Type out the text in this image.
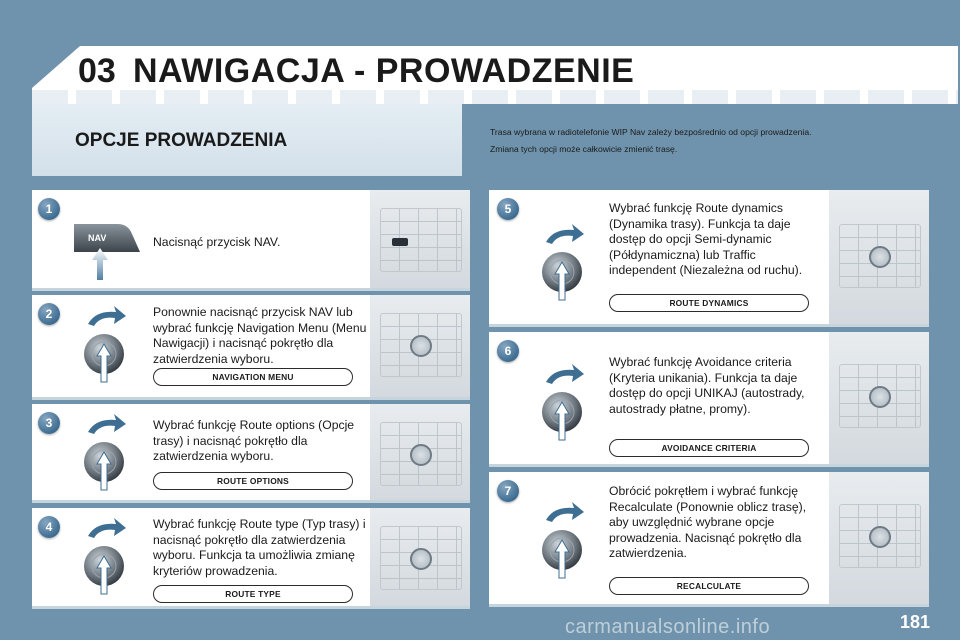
03 NAWIGACJA - PROWADZENIE
OPCJE PROWADZENIA	Trasa wybrana w radiotelefonie WIP Nav zależy bezpośrednio od opcji prowadzenia.

Zmiana tych opcji może całkowicie zmienić trasę.

1
NAV	Nacisnąć przycisk NAV.
2	Ponownie nacisnąć przycisk NAV lub wybrać funkcję Navigation Menu (Menu Nawigacji) i nacisnąć pokrętło dla zatwierdzenia wyboru.
NAVIGATION MENU
3	Wybrać funkcję Route options (Opcje trasy) i nacisnąć pokrętło dla zatwierdzenia wyboru.
ROUTE OPTIONS
4	Wybrać funkcję Route type (Typ trasy) i nacisnąć pokrętło dla zatwierdzenia wyboru. Funkcja ta umożliwia zmianę kryteriów prowadzenia.
ROUTE TYPE
5	Wybrać funkcję Route dynamics (Dynamika trasy). Funkcja ta daje dostęp do opcji Semi-dynamic (Półdynamiczna) lub Traffic independent (Niezależna od ruchu).
ROUTE DYNAMICS
6
Wybrać funkcję Avoidance criteria (Kryteria unikania). Funkcja ta daje dostęp do opcji UNIKAJ (autostrady, autostrady płatne, promy).
AVOIDANCE CRITERIA
7	Obrócić pokrętłem i wybrać funkcję Recalculate (Ponownie oblicz trasę), aby uwzględnić wybrane opcje prowadzenia. Nacisnąć pokrętło dla zatwierdzenia.
RECALCULATE
carmanualsonline.info	181
